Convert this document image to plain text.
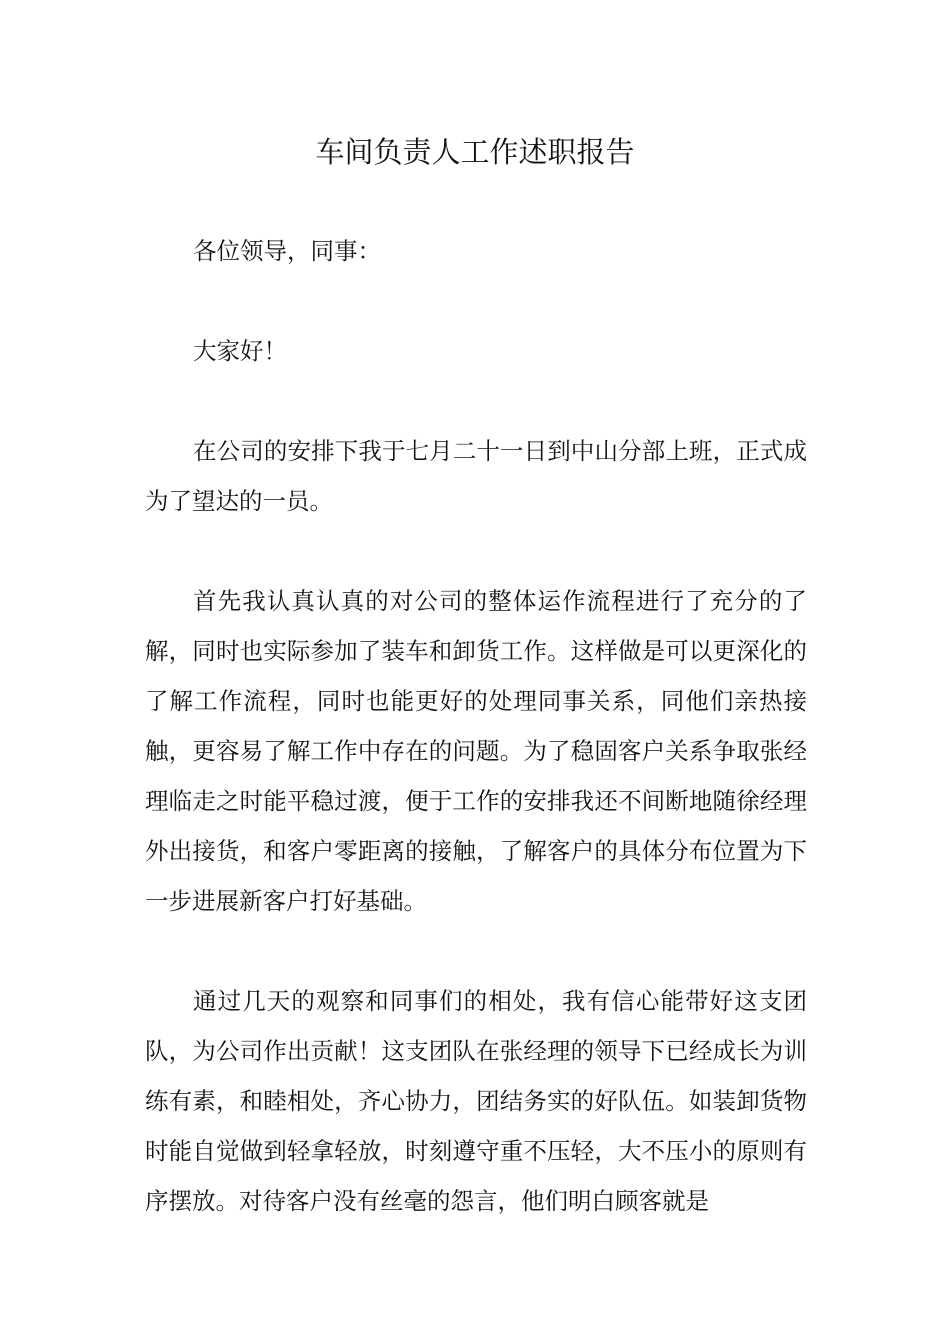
车间负责人工作述职报告

各位领导，同事：

大家好！

在公司的安排下我于七月二十一日到中山分部上班，正式成为了望达的一员。

首先我认真认真的对公司的整体运作流程进行了充分的了解，同时也实际参加了装车和卸货工作。这样做是可以更深化的了解工作流程，同时也能更好的处理同事关系，同他们亲热接触，更容易了解工作中存在的问题。为了稳固客户关系争取张经理临走之时能平稳过渡，便于工作的安排我还不间断地随徐经理外出接货，和客户零距离的接触，了解客户的具体分布位置为下一步进展新客户打好基础。

通过几天的观察和同事们的相处，我有信心能带好这支团队，为公司作出贡献！这支团队在张经理的领导下已经成长为训练有素，和睦相处，齐心协力，团结务实的好队伍。如装卸货物时能自觉做到轻拿轻放，时刻遵守重不压轻，大不压小的原则有序摆放。对待客户没有丝毫的怨言，他们明白顾客就是
